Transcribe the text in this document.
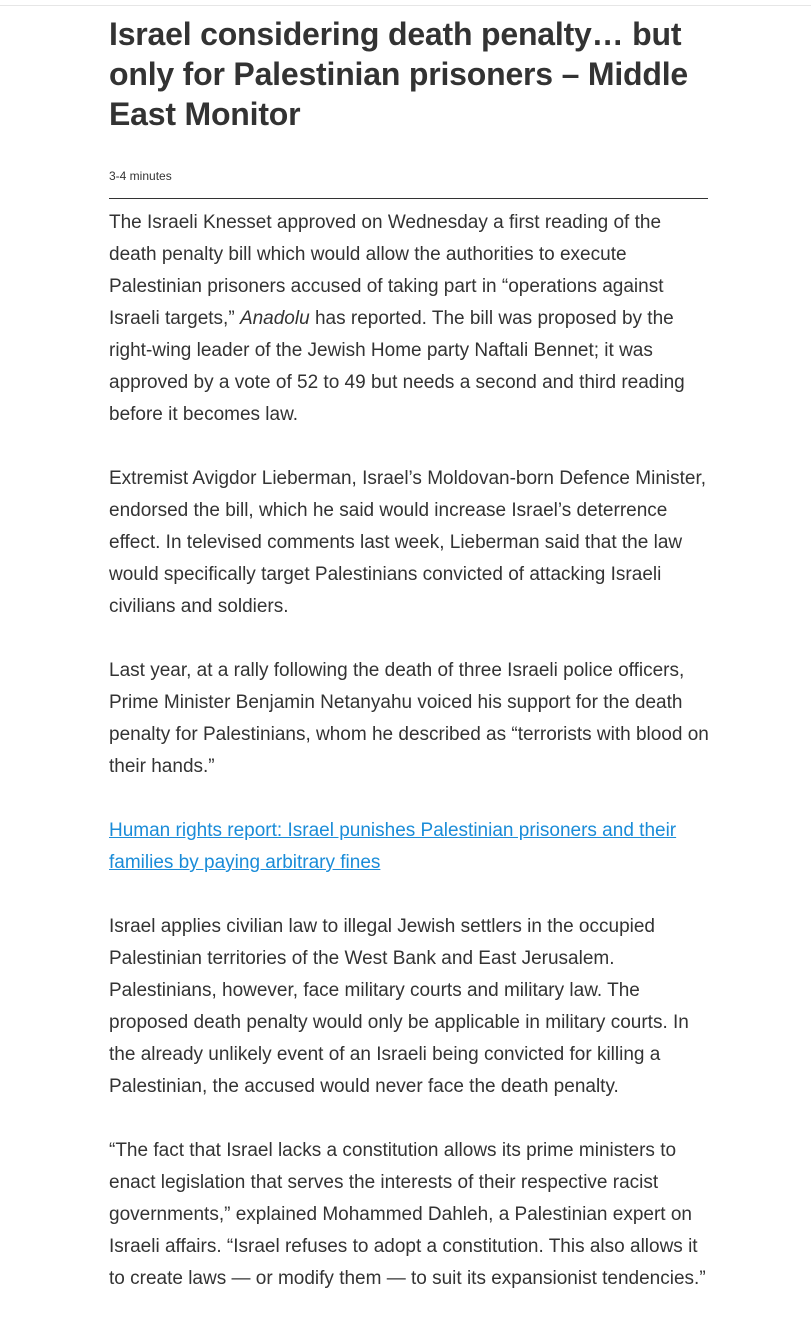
Israel considering death penalty… but only for Palestinian prisoners – Middle East Monitor
3-4 minutes

The Israeli Knesset approved on Wednesday a first reading of the death penalty bill which would allow the authorities to execute Palestinian prisoners accused of taking part in “operations against Israeli targets,” Anadolu has reported. The bill was proposed by the right-wing leader of the Jewish Home party Naftali Bennet; it was approved by a vote of 52 to 49 but needs a second and third reading before it becomes law.

Extremist Avigdor Lieberman, Israel’s Moldovan-born Defence Minister, endorsed the bill, which he said would increase Israel’s deterrence effect. In televised comments last week, Lieberman said that the law would specifically target Palestinians convicted of attacking Israeli civilians and soldiers.

Last year, at a rally following the death of three Israeli police officers, Prime Minister Benjamin Netanyahu voiced his support for the death penalty for Palestinians, whom he described as “terrorists with blood on their hands.”

Human rights report: Israel punishes Palestinian prisoners and their families by paying arbitrary fines

Israel applies civilian law to illegal Jewish settlers in the occupied Palestinian territories of the West Bank and East Jerusalem. Palestinians, however, face military courts and military law. The proposed death penalty would only be applicable in military courts. In the already unlikely event of an Israeli being convicted for killing a Palestinian, the accused would never face the death penalty.

“The fact that Israel lacks a constitution allows its prime ministers to enact legislation that serves the interests of their respective racist governments,” explained Mohammed Dahleh, a Palestinian expert on Israeli affairs. “Israel refuses to adopt a constitution. This also allows it to create laws — or modify them — to suit its expansionist tendencies.”
